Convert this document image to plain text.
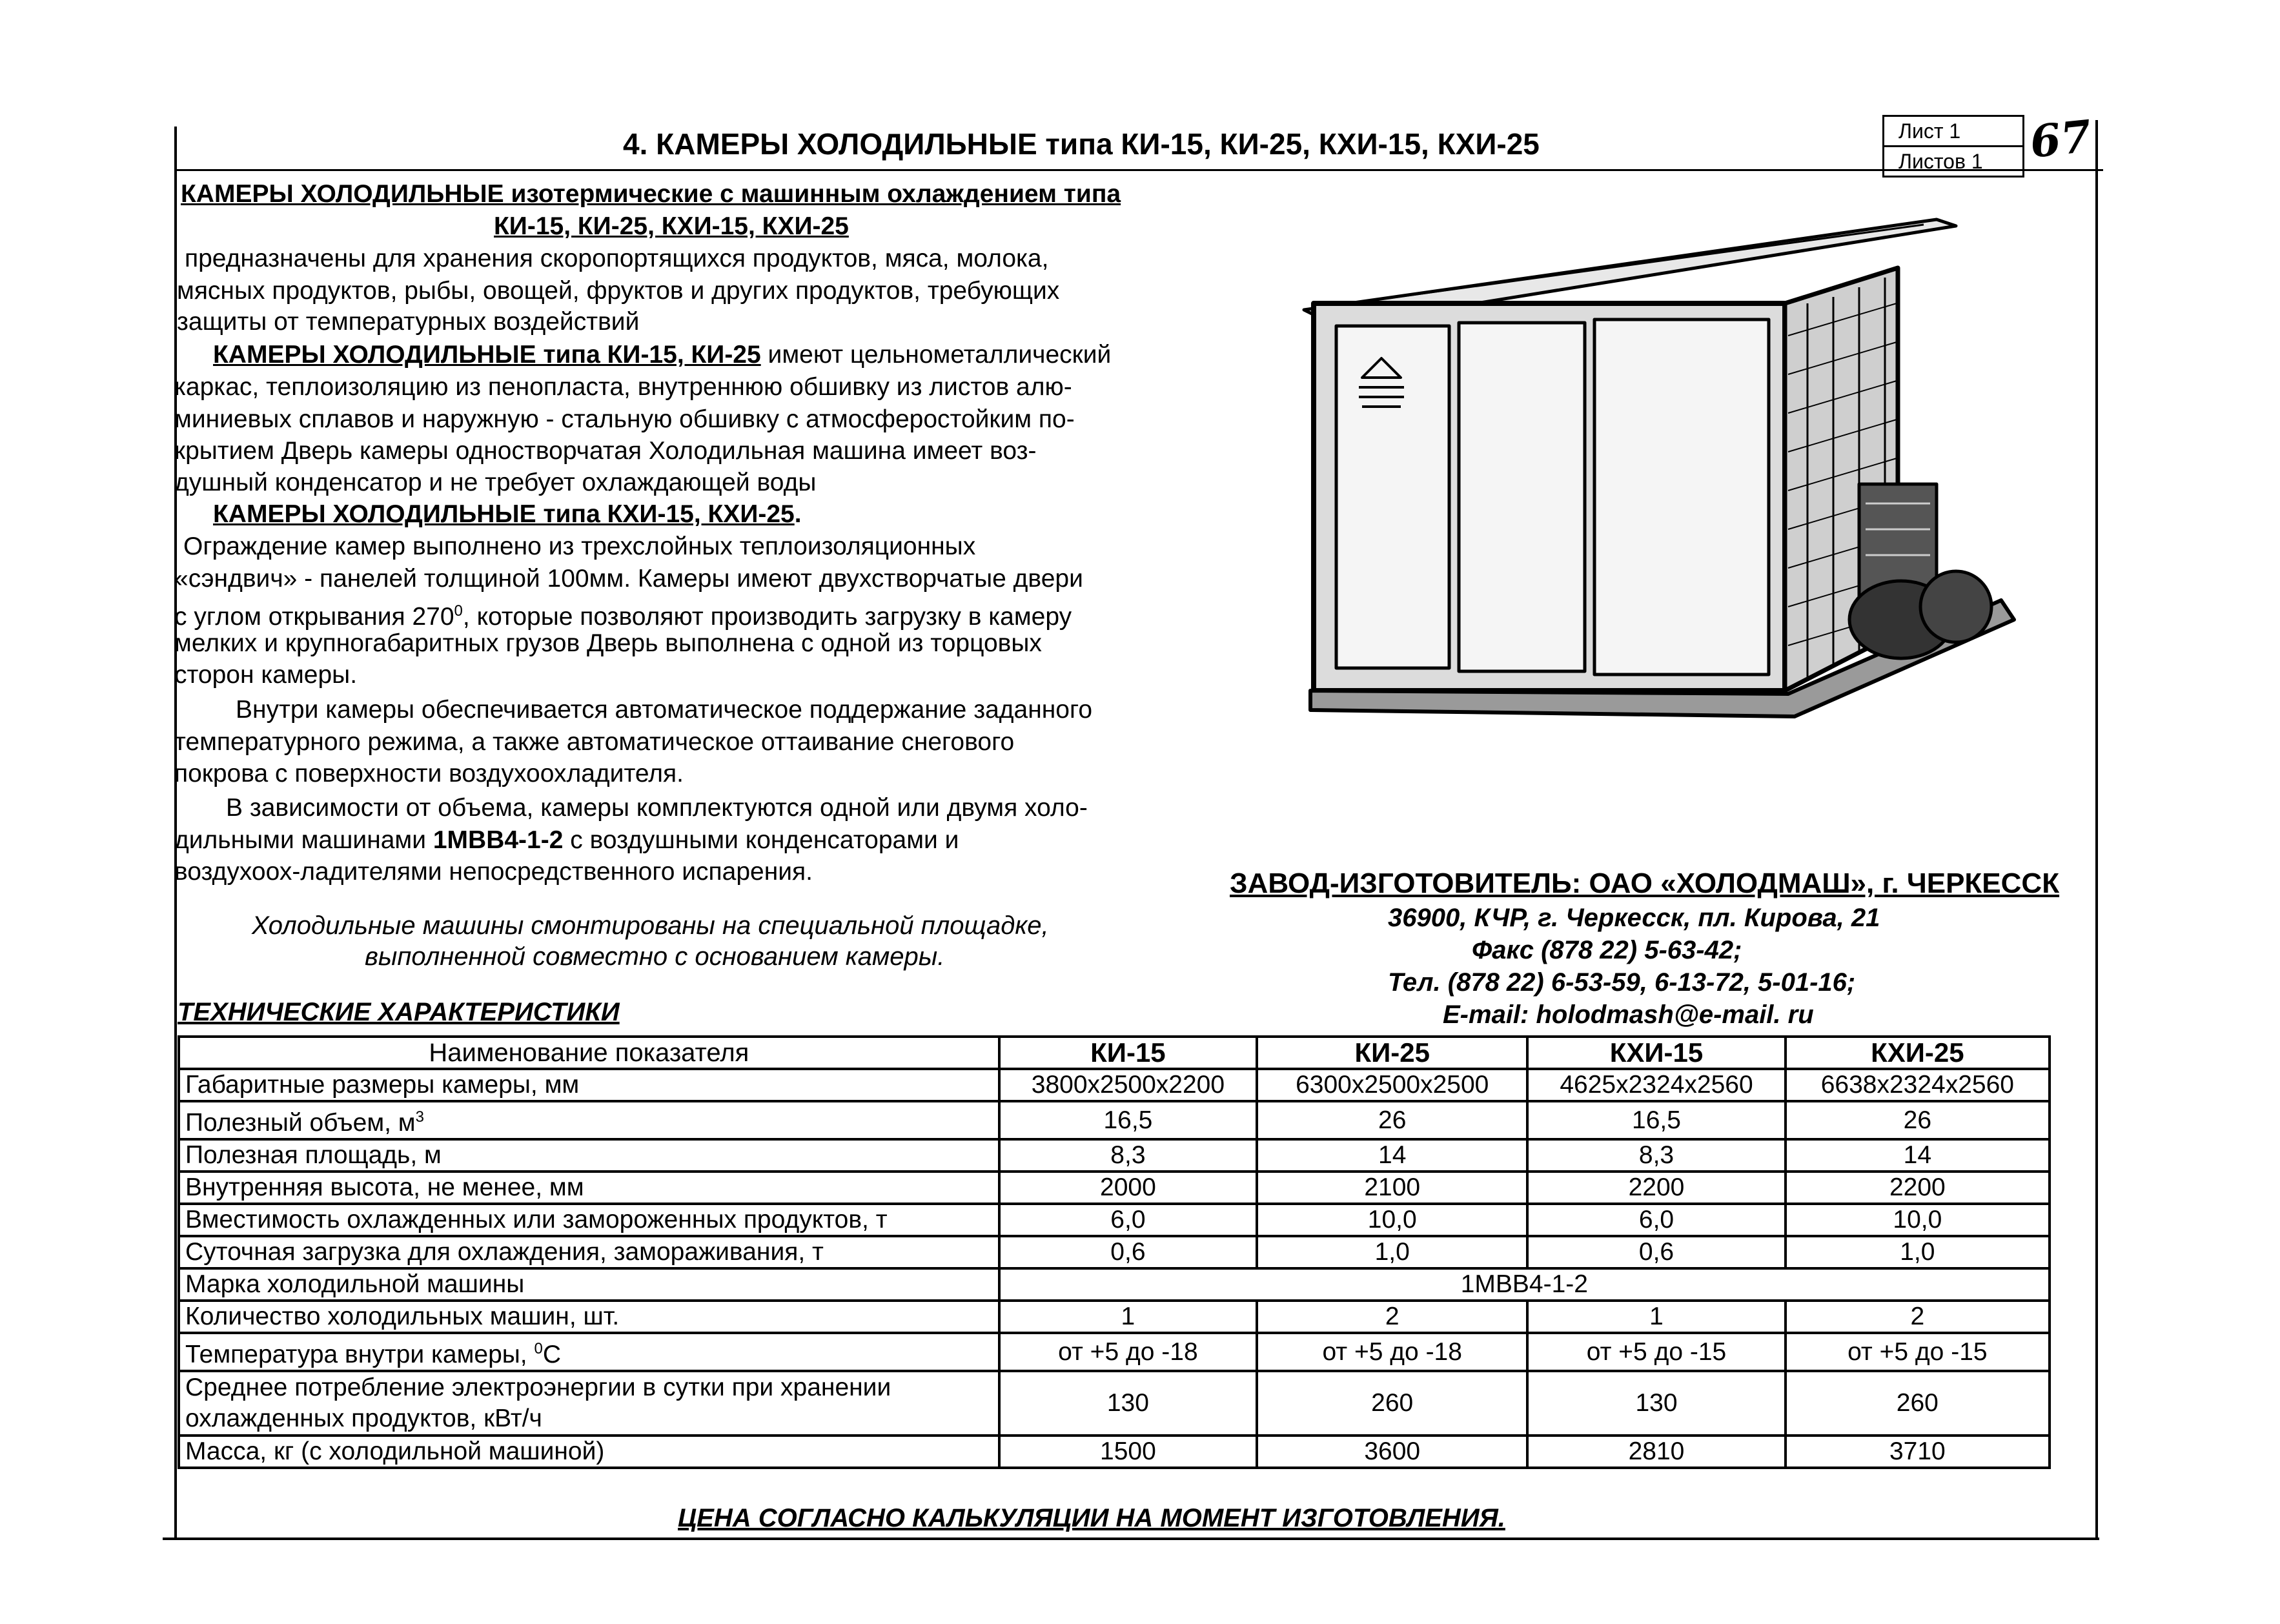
4. КАМЕРЫ ХОЛОДИЛЬНЫЕ типа КИ-15, КИ-25, КХИ-15, КХИ-25	Лист 1
Листов 1	67
КАМЕРЫ ХОЛОДИЛЬНЫЕ изотермические с машинным охлаждением типа
КИ-15, КИ-25, КХИ-15, КХИ-25
предназначены для хранения скоропортящихся продуктов, мяса, молока,
мясных продуктов, рыбы, овощей, фруктов и других продуктов, требующих
защиты от температурных воздействий
КАМЕРЫ ХОЛОДИЛЬНЫЕ типа КИ-15, КИ-25 имеют цельнометаллический
каркас, теплоизоляцию из пенопласта, внутреннюю обшивку из листов алю-
миниевых сплавов и наружную - стальную обшивку с атмосферостойким по-
крытием Дверь камеры одностворчатая Холодильная машина имеет воз-
душный конденсатор и не требует охлаждающей воды
КАМЕРЫ ХОЛОДИЛЬНЫЕ типа КХИ-15, КХИ-25.
Ограждение камер выполнено из трехслойных теплоизоляционных
«сэндвич» - панелей толщиной 100мм. Камеры имеют двухстворчатые двери
с углом открывания $270^0$, которые позволяют производить загрузку в камеру
мелких и крупногабаритных грузов Дверь выполнена с одной из торцовых
сторон камеры.
Внутри камеры обеспечивается автоматическое поддержание заданного
температурного режима, а также автоматическое оттаивание снегового
покрова с поверхности воздухоохладителя.
В зависимости от объема, камеры комплектуются одной или двумя холо-
дильными машинами 1МВВ4-1-2 с воздушными конденсаторами и
воздухоох-ладителями непосредственного испарения.
Холодильные машины смонтированы на специальной площадке,
выполненной совместно с основанием камеры.
ЗАВОД-ИЗГОТОВИТЕЛЬ: ОАО «ХОЛОДМАШ», г. ЧЕРКЕССК
36900, КЧР, г. Черкесск, пл. Кирова, 21
Факс (878 22) 5-63-42;
Тел. (878 22) 6-53-59, 6-13-72, 5-01-16;
E-mail: holodmash@e-mail. ru
ТЕХНИЧЕСКИЕ ХАРАКТЕРИСТИКИ
Наименование показателя	КИ-15	КИ-25	КХИ-15	КХИ-25
Габаритные размеры камеры, мм	3800x2500x2200	6300x2500x2500	4625x2324x2560	6638x2324x2560
Полезный объем, $м^3$	16,5	26	16,5	26
Полезная площадь, м	8,3	14	8,3	14
Внутренняя высота, не менее, мм	2000	2100	2200	2200
Вместимость охлажденных или замороженных продуктов, т	6,0	10,0	6,0	10,0
Суточная загрузка для охлаждения, замораживания, т	0,6	1,0	0,6	1,0
Марка холодильной машины	1МВВ4-1-2			
Количество холодильных машин, шт.	1	2	1	2
Температура внутри камеры, $^0$С	от +5 до -18	от +5 до -18	от +5 до -15	от +5 до -15
Среднее потребление электроэнергии в сутки при хранении охлажденных продуктов, кВт/ч	130	260	130	260
Масса, кг (с холодильной машиной)	1500	3600	2810	3710
ЦЕНА СОГЛАСНО КАЛЬКУЛЯЦИИ НА МОМЕНТ ИЗГОТОВЛЕНИЯ.
